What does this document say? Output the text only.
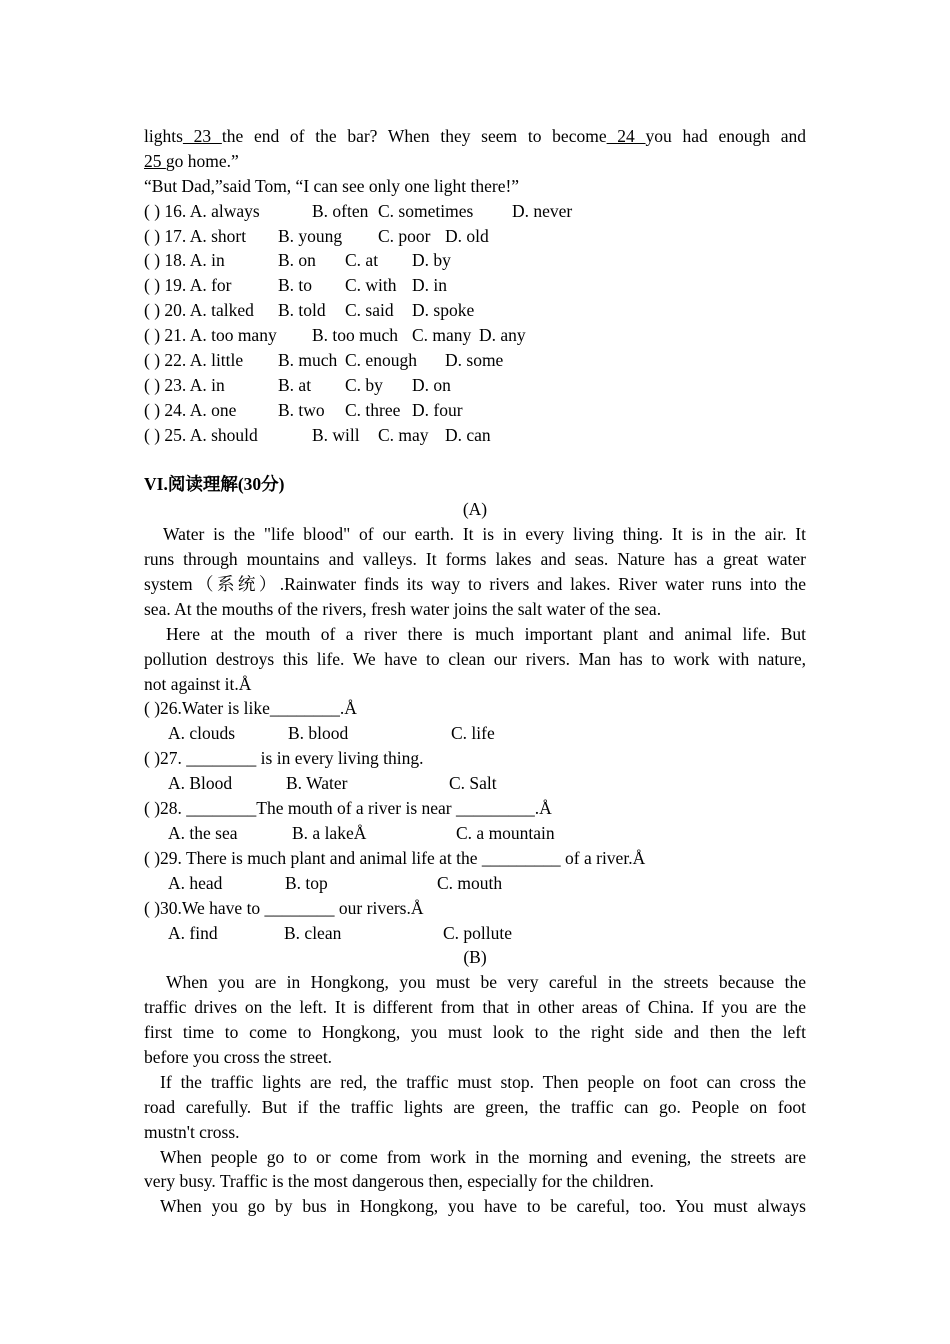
lights 23 the end of the bar? When they seem to become 24 you had enough and
25 go home.”
“But Dad,”said Tom, “I can see only one light there!”
( ) 16. A. always	B. often C. sometimes D. never
( ) 17. A. short B. young C. poor D. old
( ) 18. A. in	B. on C. at D. by
( ) 19. A. for	B. to C. with D. in
( ) 20. A. talked B. told C. said D. spoke
( ) 21. A. too many B. too much C. many D. any
( ) 22. A. little B. much C. enough D. some
( ) 23. A. in	B. at C. by D. on
( ) 24. A. one B. two C. three D. four
( ) 25. A. should	B. will C. may D. can
VI.阅读理解(30分)
(A)
Water is the "life blood" of our earth. It is in every living thing. It is in the air. It
runs through mountains and valleys. It forms lakes and seas. Nature has a great water
system（系统）.Rainwater finds its way to rivers and lakes. River water runs into the
sea. At the mouths of the rivers, fresh water joins the salt water of the sea.
Here at the mouth of a river there is much important plant and animal life. But
pollution destroys this life. We have to clean our rivers. Man has to work with nature,
not against it.Å
( )26.Water is like________.Å
A. clouds	B. blood	C. life
( )27. ________ is in every living thing.
A. Blood	B. Water	C. Salt
( )28. ________The mouth of a river is near _________.Å
A. the sea	B. a lakeÅ	C. a mountain
( )29. There is much plant and animal life at the _________ of a river.Å
A. head	B. top	C. mouth
( )30.We have to ________ our rivers.Å
A. find	B. clean	C. pollute
(B)
When you are in Hongkong, you must be very careful in the streets because the
traffic drives on the left. It is different from that in other areas of China. If you are the
first time to come to Hongkong, you must look to the right side and then the left
before you cross the street.
If the traffic lights are red, the traffic must stop. Then people on foot can cross the
road carefully. But if the traffic lights are green, the traffic can go. People on foot
mustn't cross.
When people go to or come from work in the morning and evening, the streets are
very busy. Traffic is the most dangerous then, especially for the children.
When you go by bus in Hongkong, you have to be careful, too. You must always
